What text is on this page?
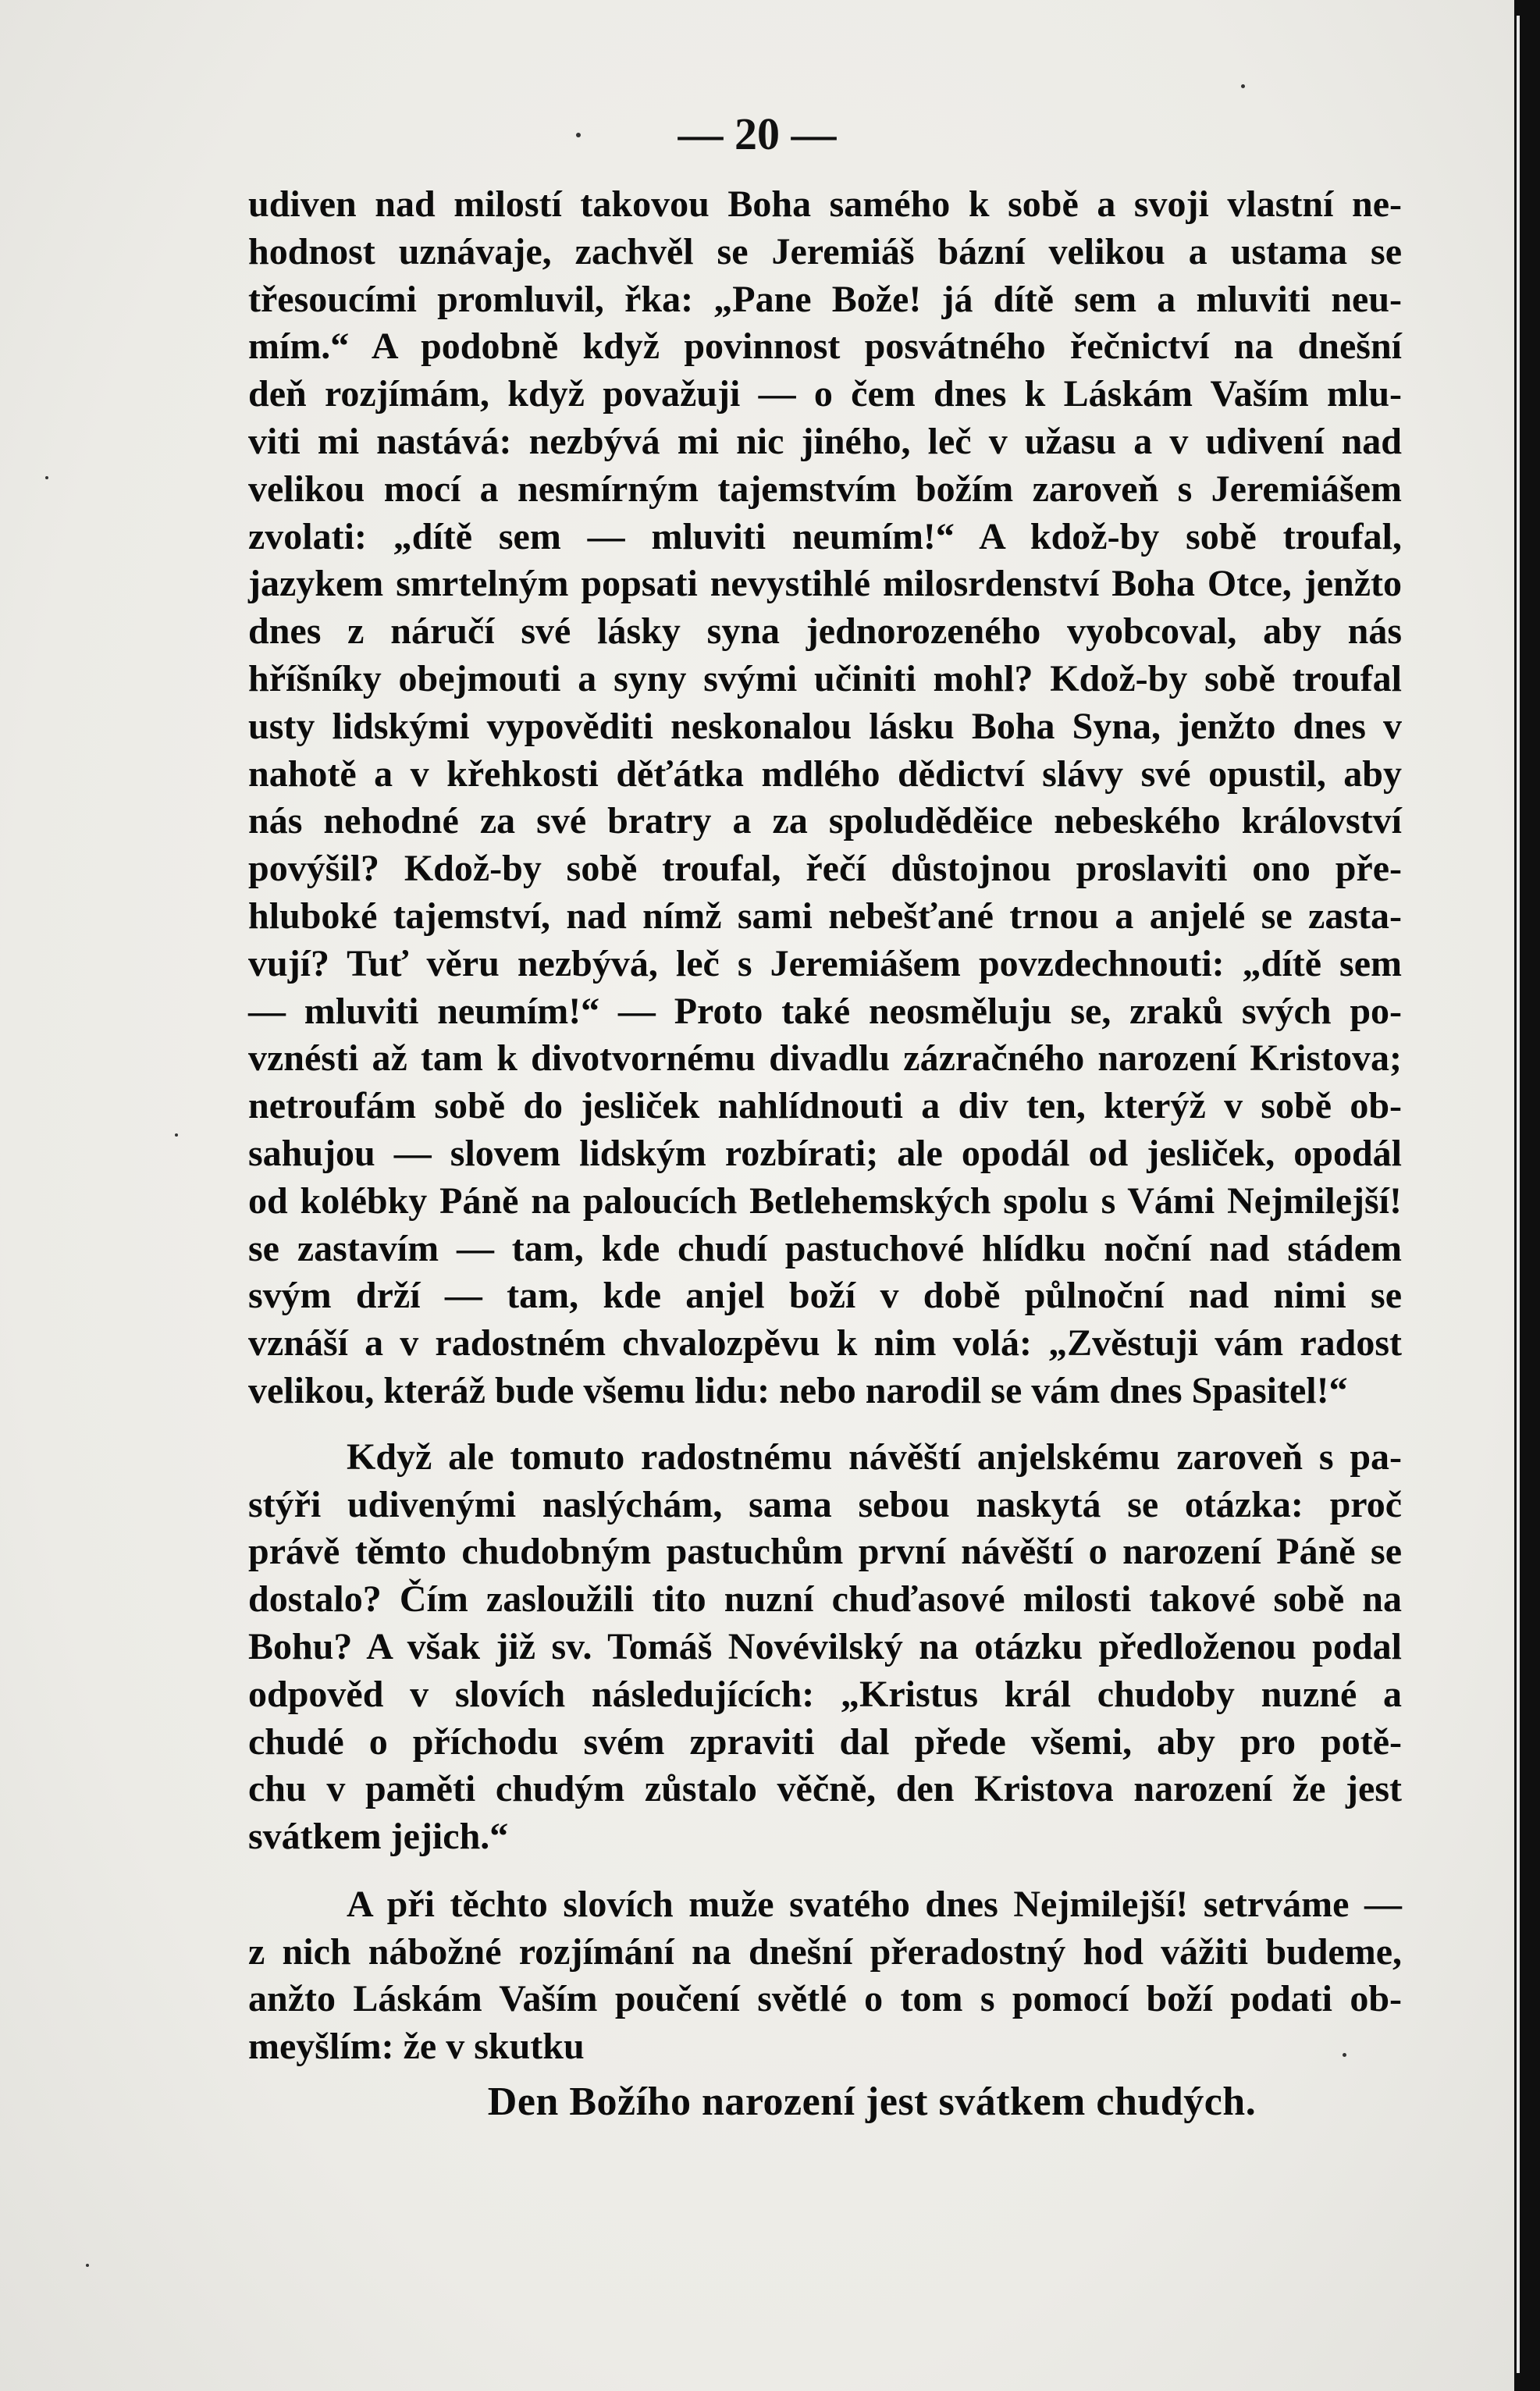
— 20 —
udiven nad milostí takovou Boha samého k sobě a svoji vlastní ne-
hodnost uznávaje, zachvěl se Jeremiáš bázní velikou a ustama se
třesoucími promluvil, řka: „Pane Bože! já dítě sem a mluviti neu-
mím.“ A podobně když povinnost posvátného řečnictví na dnešní
deň rozjímám, když považuji — o čem dnes k Láskám Vaším mlu-
viti mi nastává: nezbývá mi nic jiného, leč v užasu a v udivení nad
velikou mocí a nesmírným tajemstvím božím zaroveň s Jeremiášem
zvolati: „dítě sem — mluviti neumím!“ A kdož-by sobě troufal,
jazykem smrtelným popsati nevystihlé milosrdenství Boha Otce, jenžto
dnes z náručí své lásky syna jednorozeného vyobcoval, aby nás
hříšníky obejmouti a syny svými učiniti mohl? Kdož-by sobě troufal
usty lidskými vypověditi neskonalou lásku Boha Syna, jenžto dnes v
nahotě a v křehkosti děťátka mdlého dědictví slávy své opustil, aby
nás nehodné za své bratry a za spoluděděice nebeského království
povýšil? Kdož-by sobě troufal, řečí důstojnou proslaviti ono pře-
hluboké tajemství, nad nímž sami nebešťané trnou a anjelé se zasta-
vují? Tuť věru nezbývá, leč s Jeremiášem povzdechnouti: „dítě sem
— mluviti neumím!“ — Proto také neosměluju se, zraků svých po-
vznésti až tam k divotvornému divadlu zázračného narození Kristova;
netroufám sobě do jesliček nahlídnouti a div ten, kterýž v sobě ob-
sahujou — slovem lidským rozbírati; ale opodál od jesliček, opodál
od kolébky Páně na paloucích Betlehemských spolu s Vámi Nejmilejší!
se zastavím — tam, kde chudí pastuchové hlídku noční nad stádem
svým drží — tam, kde anjel boží v době půlnoční nad nimi se
vznáší a v radostném chvalozpěvu k nim volá: „Zvěstuji vám radost
velikou, kteráž bude všemu lidu: nebo narodil se vám dnes Spasitel!“
Když ale tomuto radostnému návěští anjelskému zaroveň s pa-
stýři udivenými naslýchám, sama sebou naskytá se otázka: proč
právě těmto chudobným pastuchům první návěští o narození Páně se
dostalo? Čím zasloužili tito nuzní chuďasové milosti takové sobě na
Bohu? A však již sv. Tomáš Novévilský na otázku předloženou podal
odpověd v slovích následujících: „Kristus král chudoby nuzné a
chudé o příchodu svém zpraviti dal přede všemi, aby pro potě-
chu v paměti chudým zůstalo věčně, den Kristova narození že jest
svátkem jejich.“
A při těchto slovích muže svatého dnes Nejmilejší! setrváme —
z nich nábožné rozjímání na dnešní přeradostný hod vážiti budeme,
anžto Láskám Vaším poučení světlé o tom s pomocí boží podati ob-
meyšlím: že v skutku
Den Božího narození jest svátkem chudých.
